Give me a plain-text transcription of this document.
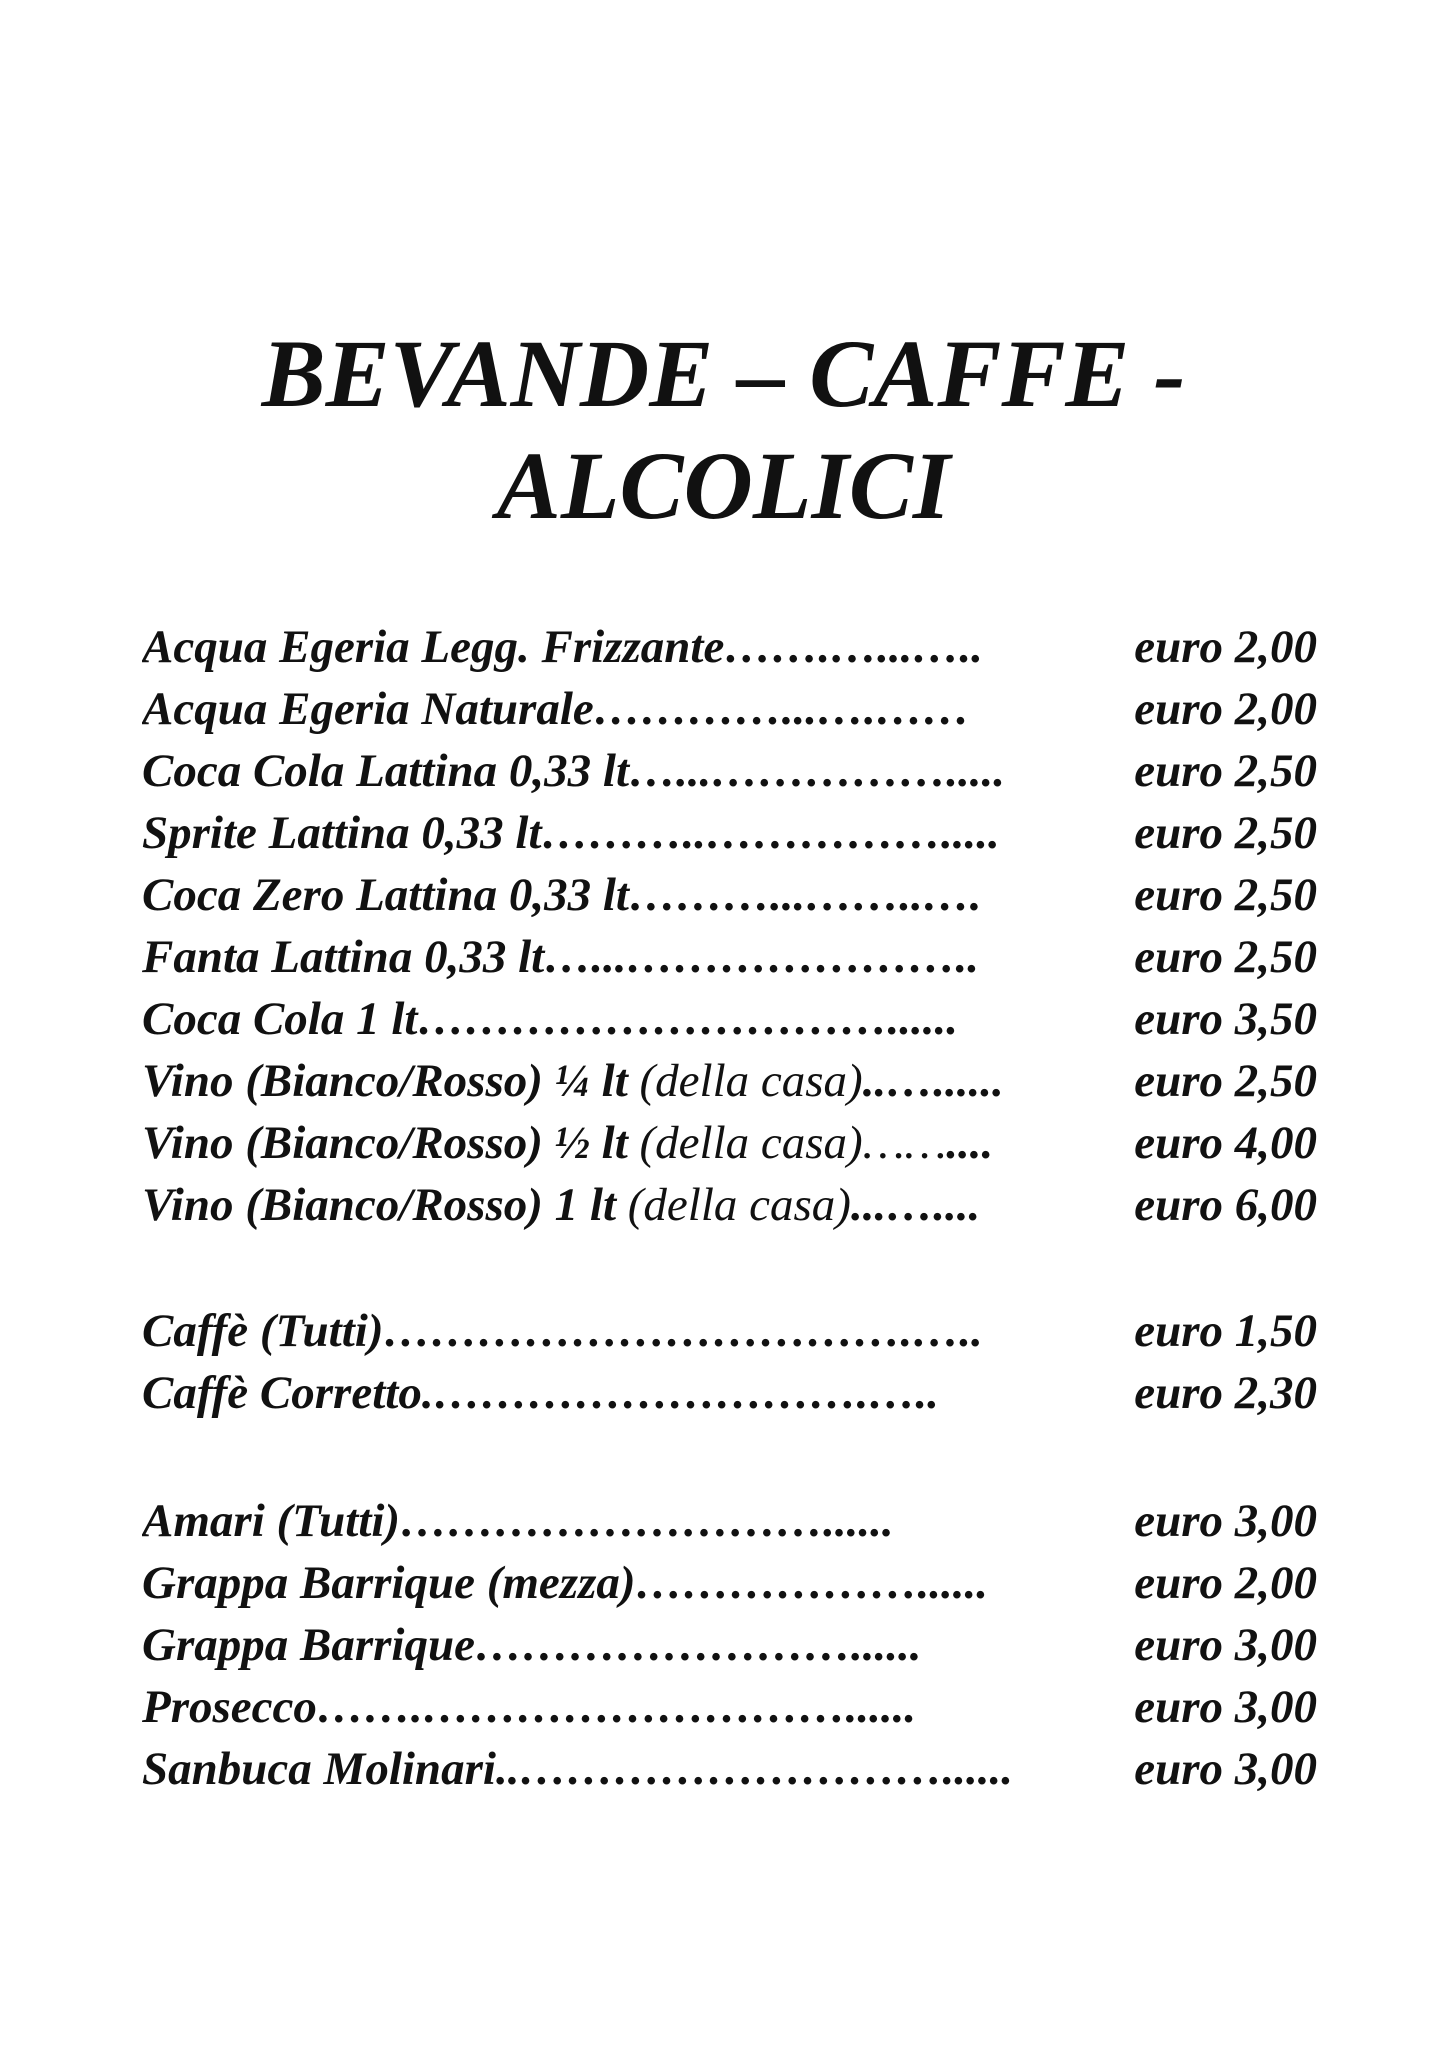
BEVANDE – CAFFE -
ALCOLICI
Acqua Egeria Legg. Frizzante …….…...…..	euro 2,00
Acqua Egeria Naturale …………...….……	euro 2,00
Coca Cola Lattina 0,33 lt …...…………….....	euro 2,50
Sprite Lattina 0,33 lt ………..…………….....	euro 2,50
Coca Zero Lattina 0,33 lt ………...……..….	euro 2,50
Fanta Lattina 0,33 lt …...…………………..	euro 2,50
Coca Cola 1 lt …………………………......	euro 3,50
Vino (Bianco/Rosso) ¼ lt (della casa) ..…......	euro 2,50
Vino (Bianco/Rosso) ½ lt (della casa)…… ....	euro 4,00
Vino (Bianco/Rosso) 1 lt (della casa) ...…....	euro 6,00
Caffè (Tutti) …………………………….…..	euro 1,50
Caffè Corretto .……………………….…..	euro 2,30
Amari (Tutti) ………………………......	euro 3,00
Grappa Barrique (mezza) ………………......	euro 2,00
Grappa Barrique ……………………......	euro 3,00
Prosecco …….………………………......	euro 3,00
Sanbuca Molinari ..………………………......	euro 3,00
